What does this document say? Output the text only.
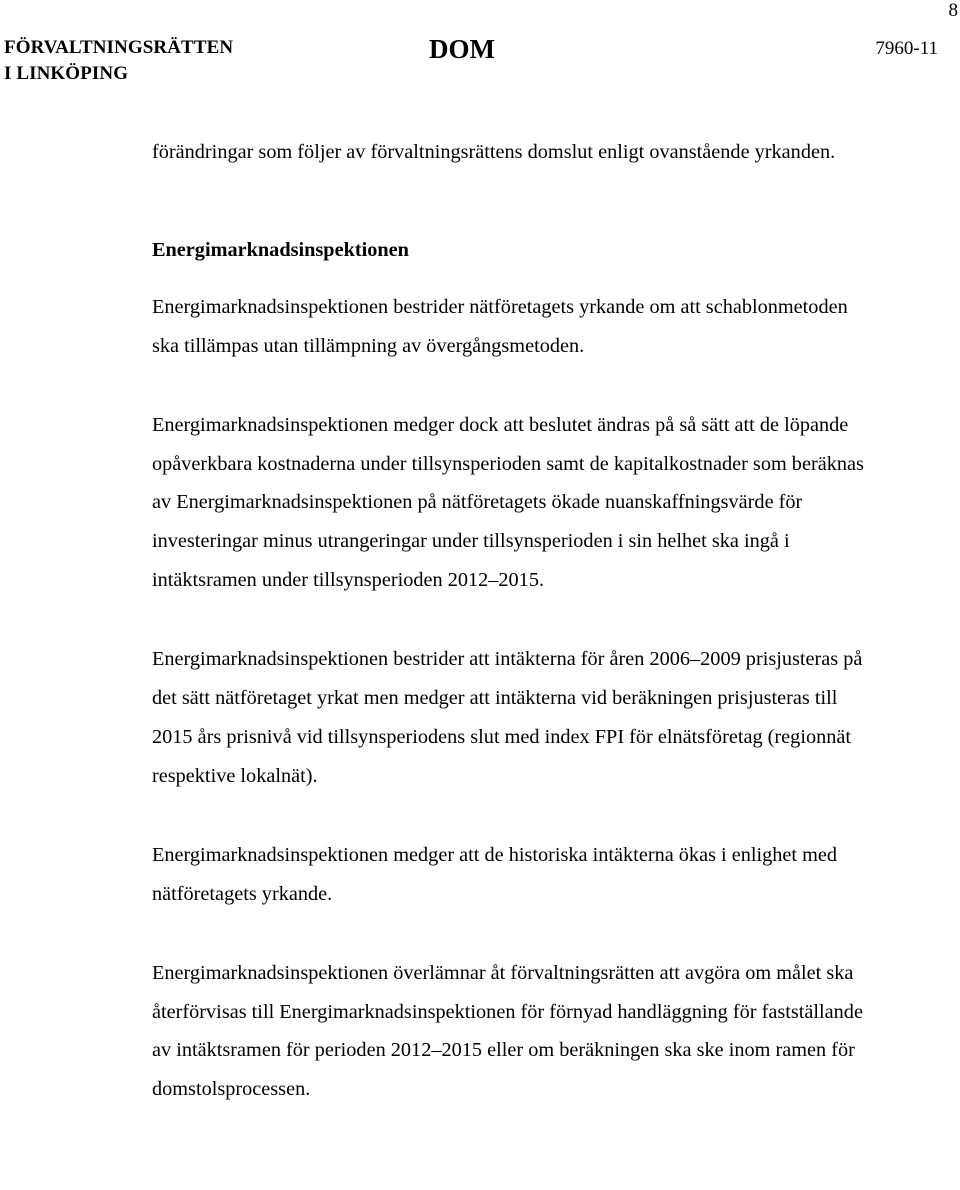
8
FÖRVALTNINGSRÄTTEN
I LINKÖPING
DOM	7960-11

förändringar som följer av förvaltningsrättens domslut enligt ovanstående yrkanden.

Energimarknadsinspektionen

Energimarknadsinspektionen bestrider nätföretagets yrkande om att schablonmetoden ska tillämpas utan tillämpning av övergångsmetoden.

Energimarknadsinspektionen medger dock att beslutet ändras på så sätt att de löpande opåverkbara kostnaderna under tillsynsperioden samt de kapitalkostnader som beräknas av Energimarknadsinspektionen på nätföretagets ökade nuanskaffningsvärde för investeringar minus utrangeringar under tillsynsperioden i sin helhet ska ingå i intäktsramen under tillsynsperioden 2012–2015.

Energimarknadsinspektionen bestrider att intäkterna för åren 2006–2009 prisjusteras på det sätt nätföretaget yrkat men medger att intäkterna vid beräkningen prisjusteras till 2015 års prisnivå vid tillsynsperiodens slut med index FPI för elnätsföretag (regionnät respektive lokalnät).

Energimarknadsinspektionen medger att de historiska intäkterna ökas i enlighet med nätföretagets yrkande.

Energimarknadsinspektionen överlämnar åt förvaltningsrätten att avgöra om målet ska återförvisas till Energimarknadsinspektionen för förnyad handläggning för fastställande av intäktsramen för perioden 2012–2015 eller om beräkningen ska ske inom ramen för domstolsprocessen.
